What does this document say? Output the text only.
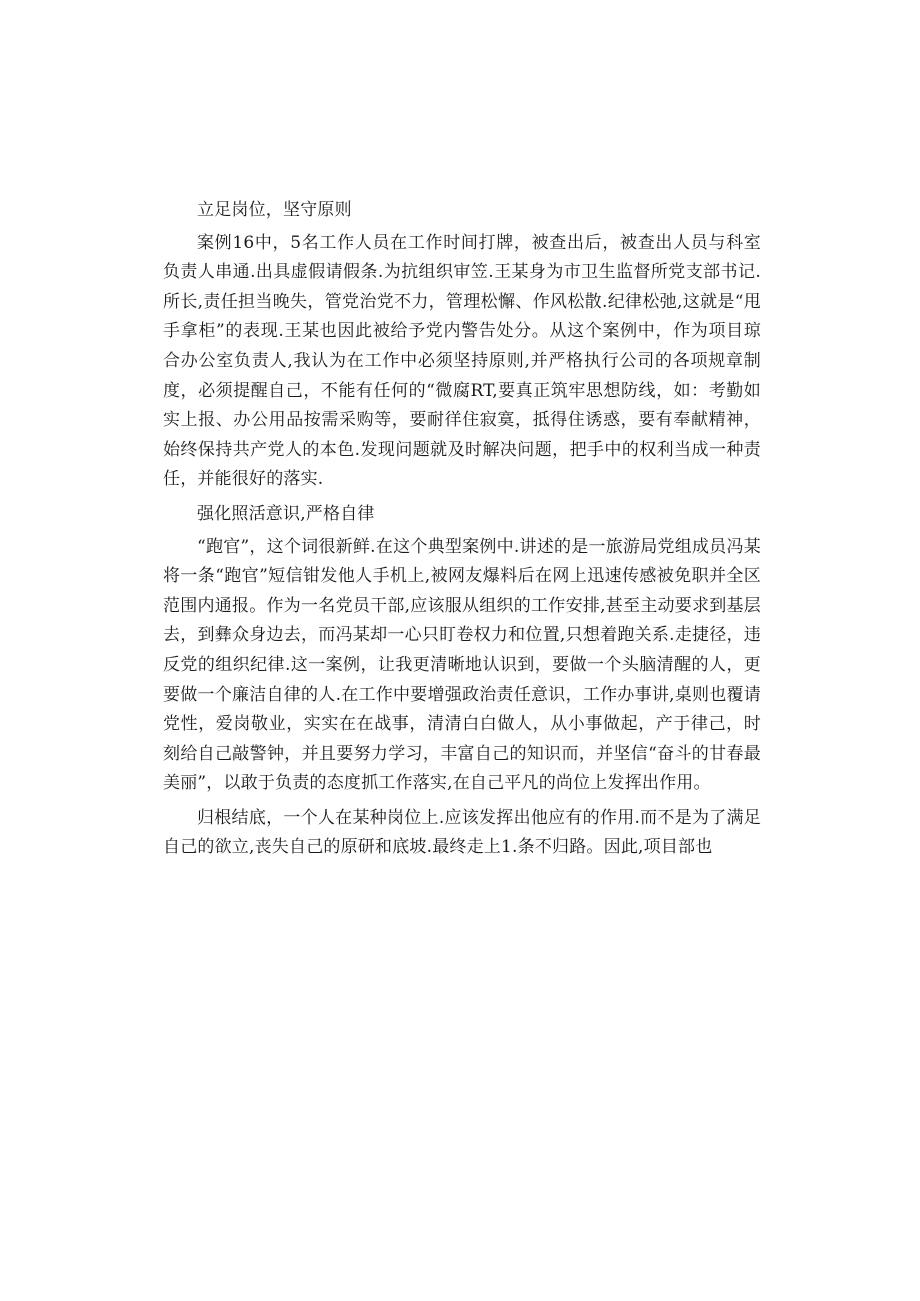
立足岗位，坚守原则

案例16中，5名工作人员在工作时间打牌，被查出后，被查出人员与科室负责人串通.出具虚假请假条.为抗组织审笠.王某身为市卫生监督所党支部书记.所长,责任担当晚失，管党治党不力，管理松懈、作风松散.纪律松弛,这就是“甩手拿柜”的表现.王某也因此被给予党内警告处分。从这个案例中，作为项目琼合办公室负责人,我认为在工作中必须坚持原则,并严格执行公司的各项规章制度，必须提醒自己，不能有任何的“微腐RT,要真正筑牢思想防线，如：考勤如实上报、办公用品按需采购等，要耐徉住寂寞，抵得住诱惑，要有奉献精神，始终保持共产党人的本色.发现问题就及时解决问题，把手中的权利当成一种责任，并能很好的落实.

强化照活意识,严格自律

“跑官”，这个词很新鲜.在这个典型案例中.讲述的是一旅游局党组成员冯某将一条“跑官”短信钳发他人手机上,被网友爆料后在网上迅速传感被免职并全区范围内通报。作为一名党员干部,应该服从组织的工作安排,甚至主动要求到基层去，到彝众身边去，而冯某却一心只盯卷权力和位置,只想着跑关系.走捷径，违反党的组织纪律.这一案例，让我更清晰地认识到，要做一个头脑清醒的人，更要做一个廉洁自律的人.在工作中要增强政治责任意识，工作办事讲,桌则也覆请党性，爱岗敬业，实实在在战事，清清白白做人，从小事做起，产于律己，时刻给自己敲警钟，并且要努力学习，丰富自己的知识而，并坚信“奋斗的甘春最美丽”，以敢于负责的态度抓工作落实,在自己平凡的尚位上发挥出作用。

归根结底，一个人在某种岗位上.应该发挥出他应有的作用.而不是为了满足自己的欲立,丧失自己的原研和底坡.最终走上1.条不归路。因此,项目部也
